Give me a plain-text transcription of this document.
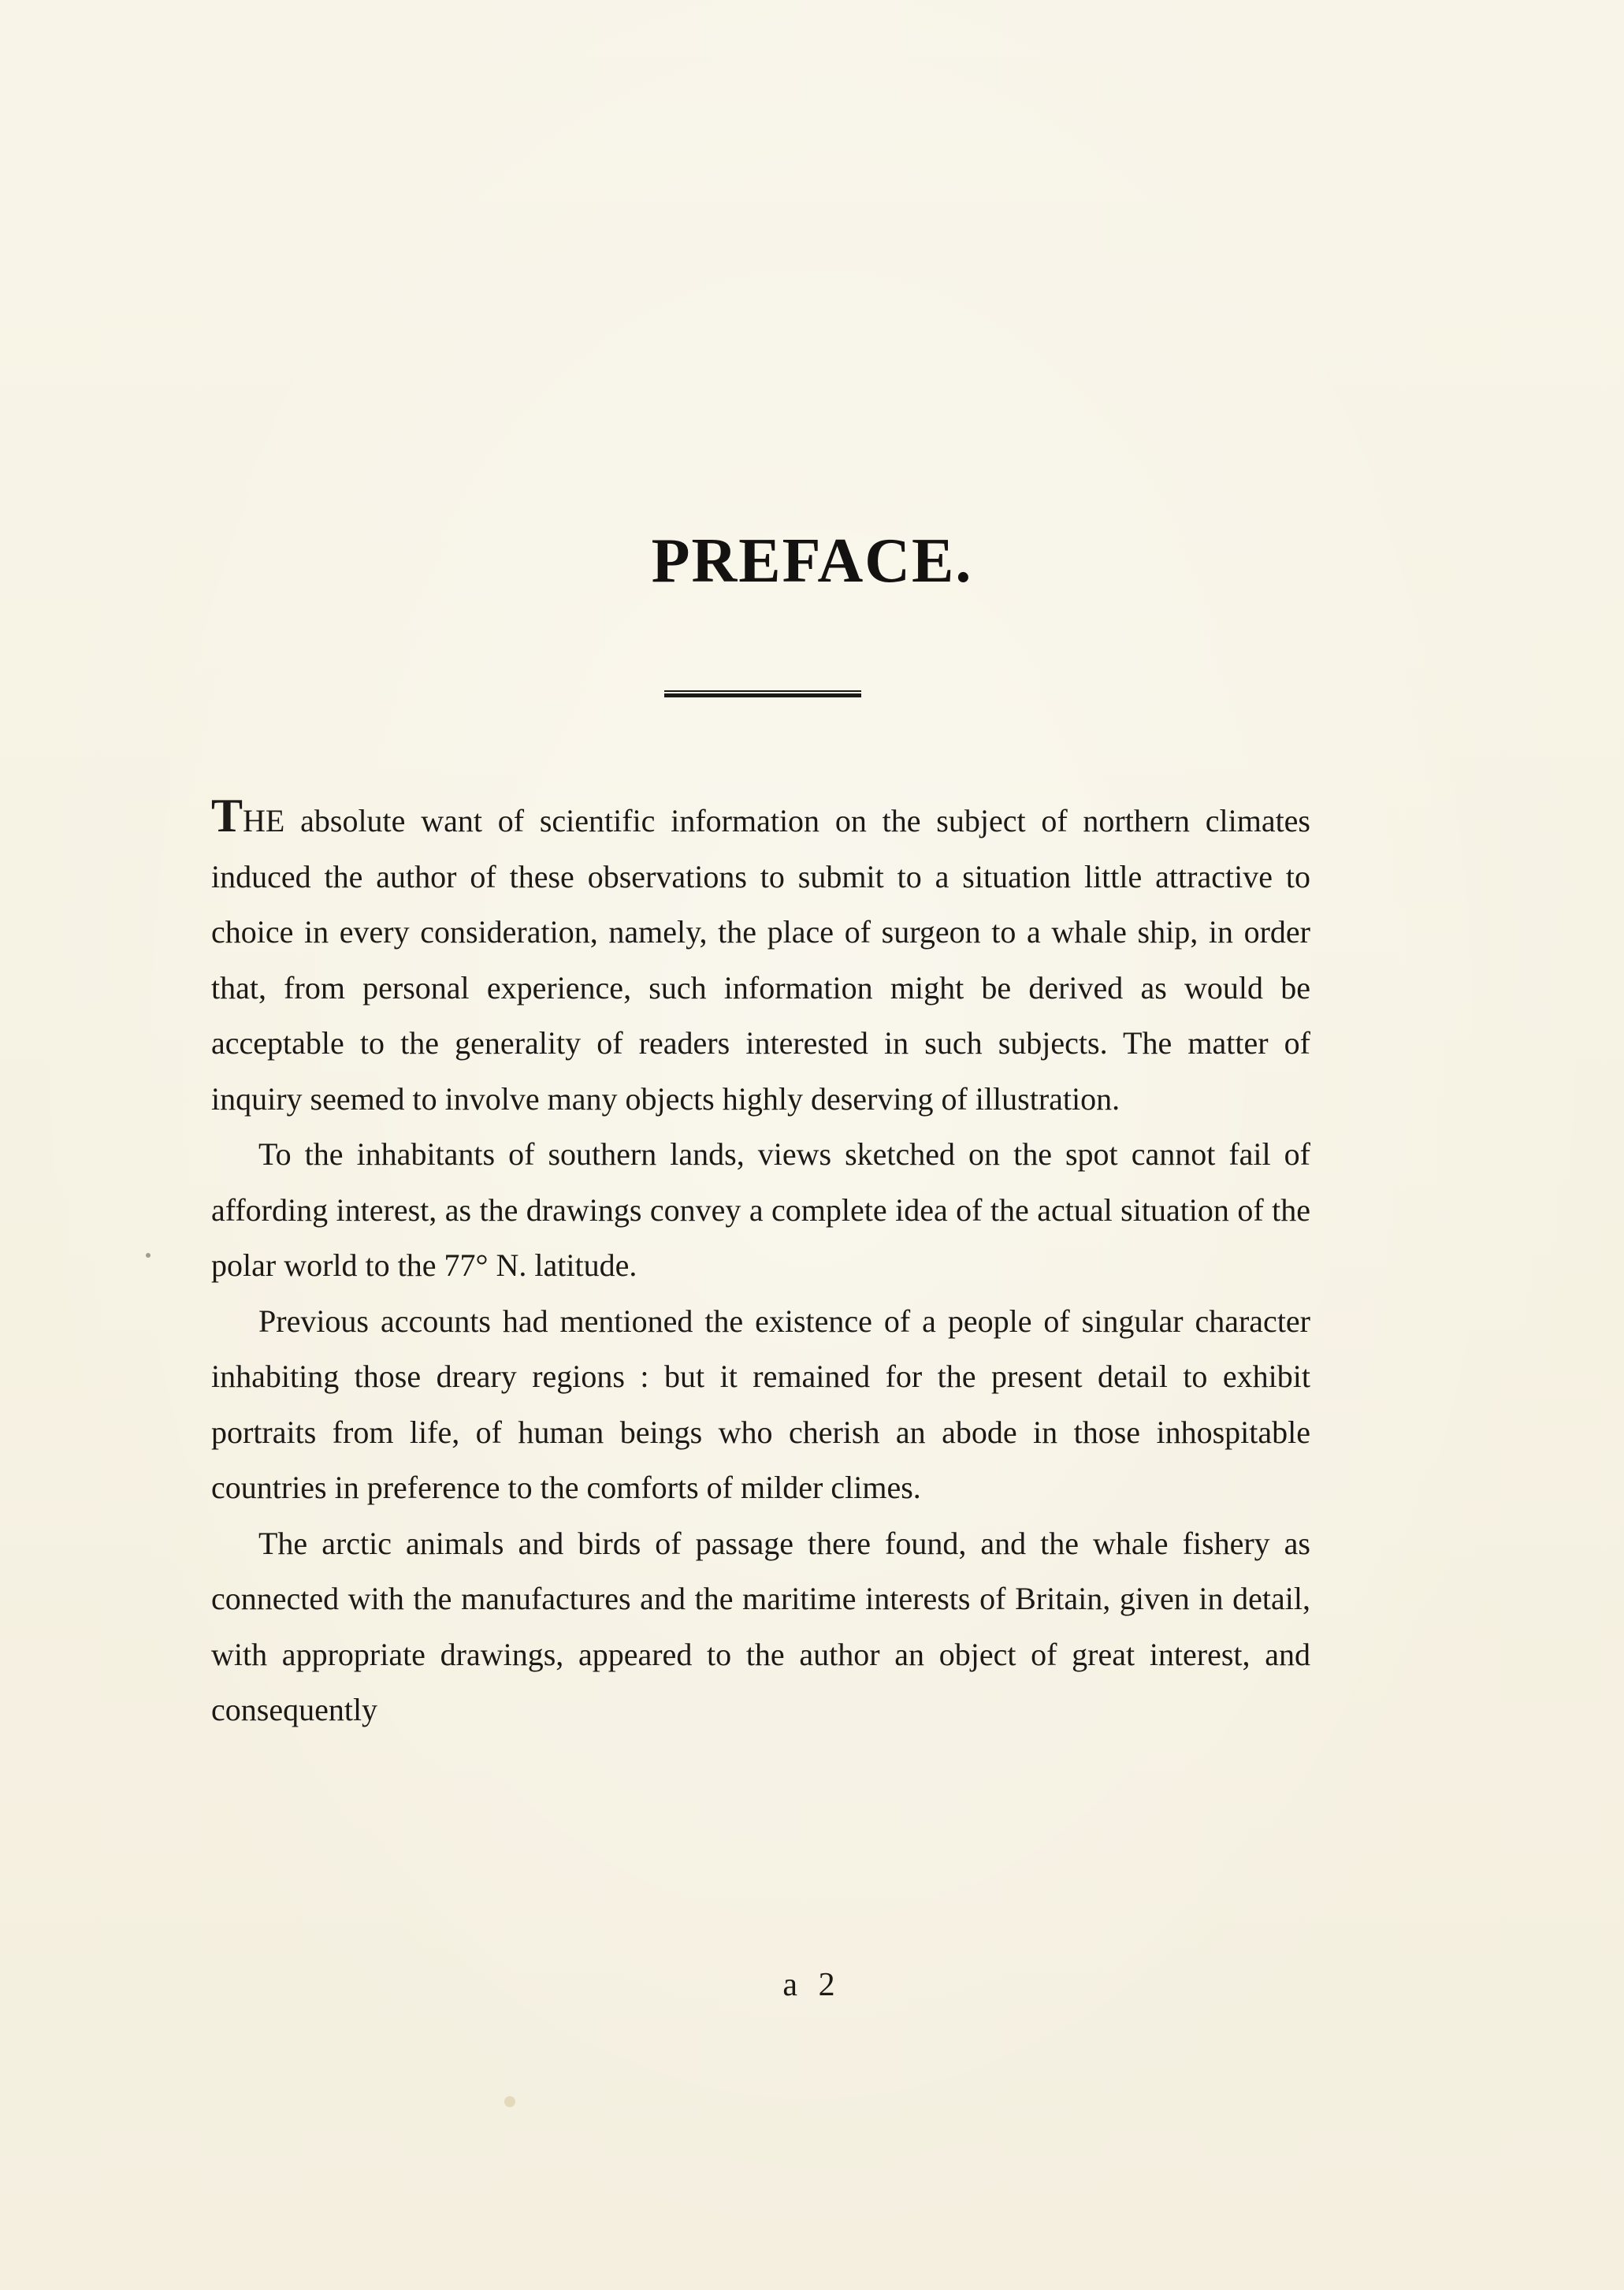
PREFACE.

THE absolute want of scientific information on the subject of northern climates induced the author of these observations to submit to a situation little attractive to choice in every consideration, namely, the place of surgeon to a whale ship, in order that, from personal experience, such information might be derived as would be acceptable to the generality of readers interested in such subjects. The matter of inquiry seemed to involve many objects highly deserving of illustration.

To the inhabitants of southern lands, views sketched on the spot cannot fail of affording interest, as the drawings convey a complete idea of the actual situation of the polar world to the 77° N. latitude.

Previous accounts had mentioned the existence of a people of singular character inhabiting those dreary regions : but it remained for the present detail to exhibit portraits from life, of human beings who cherish an abode in those inhospitable countries in preference to the comforts of milder climes.

The arctic animals and birds of passage there found, and the whale fishery as connected with the manufactures and the maritime interests of Britain, given in detail, with appropriate drawings, appeared to the author an object of great interest, and consequently

a 2
